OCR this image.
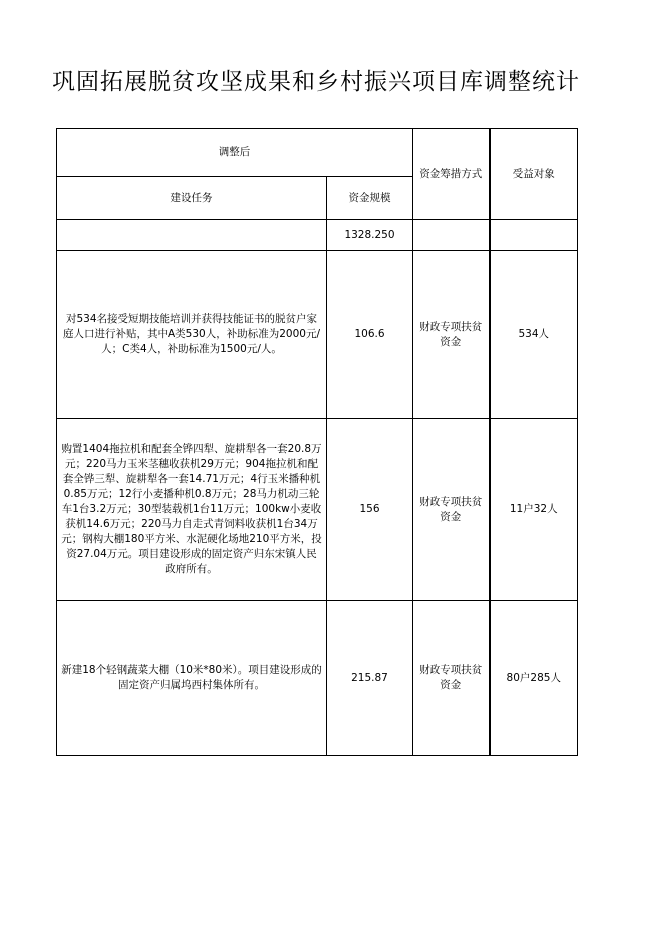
巩固拓展脱贫攻坚成果和乡村振兴项目库调整统计
调整后		资金筹措方式	受益对象
建设任务	资金规模		
	1328.250		
对534名接受短期技能培训并获得技能证书的脱贫户家庭人口进行补贴，其中A类530人，补助标准为2000元/人；C类4人，补助标准为1500元/人。	106.6	财政专项扶贫资金	534人
购置1404拖拉机和配套全铧四犁、旋耕犁各一套20.8万元；220马力玉米茎穗收获机29万元；904拖拉机和配套全铧三犁、旋耕犁各一套14.71万元；4行玉米播种机0.85万元；12行小麦播种机0.8万元；28马力机动三轮车1台3.2万元；30型装载机1台11万元；100kw小麦收获机14.6万元；220马力自走式青饲料收获机1台34万元；钢构大棚180平方米、水泥硬化场地210平方米，投资27.04万元。项目建设形成的固定资产归东宋镇人民政府所有。	156	财政专项扶贫资金	11户32人
新建18个轻钢蔬菜大棚（10米*80米）。项目建设形成的固定资产归属坞西村集体所有。	215.87	财政专项扶贫资金	80户285人
